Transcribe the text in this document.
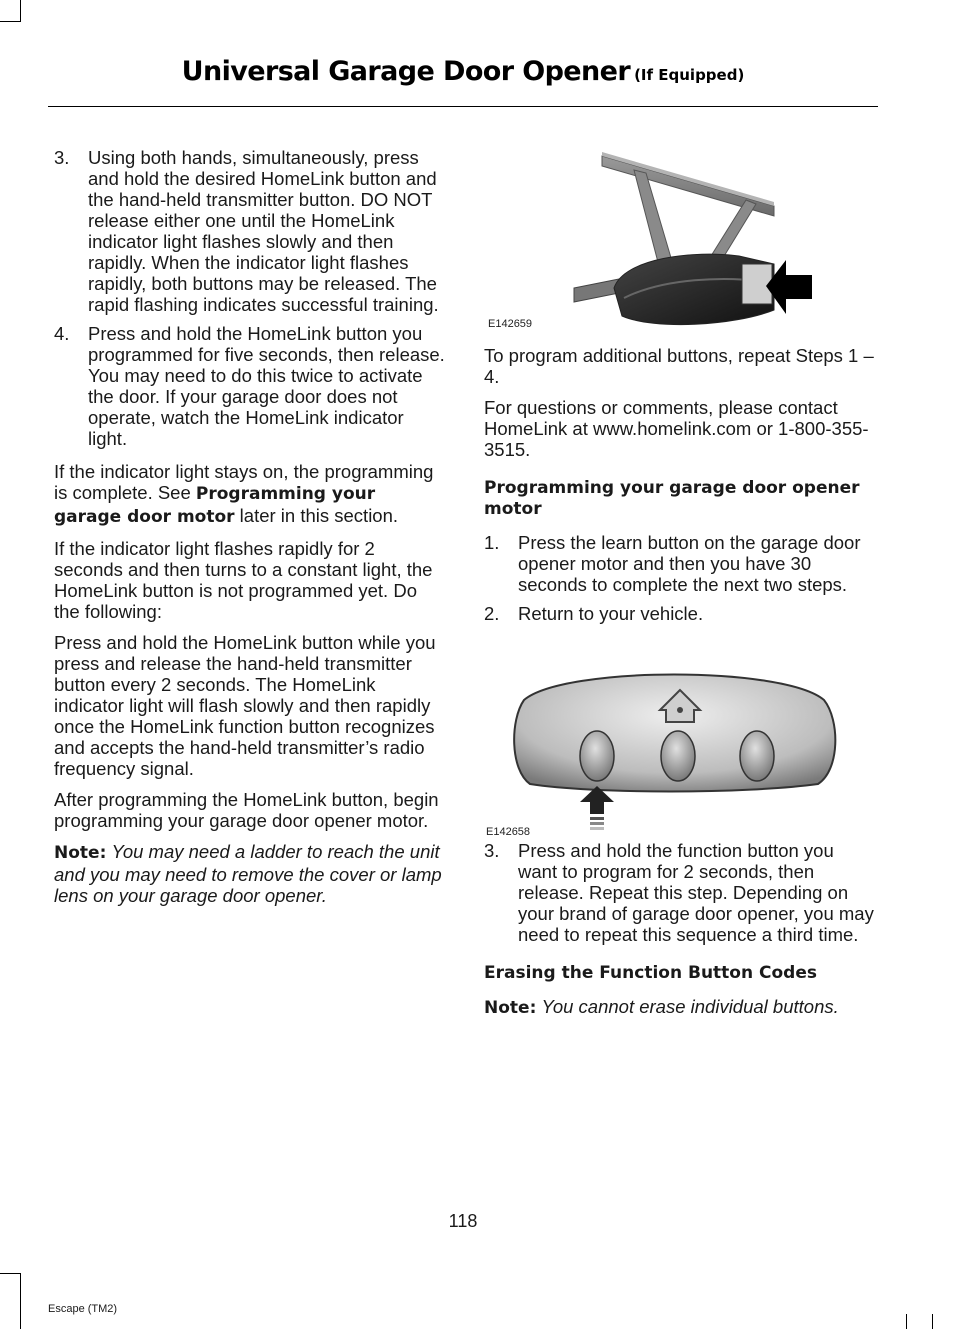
Universal Garage Door Opener (If Equipped)
3. Using both hands, simultaneously, press and hold the desired HomeLink button and the hand-held transmitter button. DO NOT release either one until the HomeLink indicator light flashes slowly and then rapidly. When the indicator light flashes rapidly, both buttons may be released. The rapid flashing indicates successful training.
4. Press and hold the HomeLink button you programmed for five seconds, then release. You may need to do this twice to activate the door. If your garage door does not operate, watch the HomeLink indicator light.

If the indicator light stays on, the programming is complete. See Programming your garage door motor later in this section.

If the indicator light flashes rapidly for 2 seconds and then turns to a constant light, the HomeLink button is not programmed yet. Do the following:

Press and hold the HomeLink button while you press and release the hand-held transmitter button every 2 seconds. The HomeLink indicator light will flash slowly and then rapidly once the HomeLink function button recognizes and accepts the hand-held transmitter’s radio frequency signal.

After programming the HomeLink button, begin programming your garage door opener motor.

Note: You may need a ladder to reach the unit and you may need to remove the cover or lamp lens on your garage door opener.

E142659

To program additional buttons, repeat Steps 1 – 4.

For questions or comments, please contact HomeLink at www.homelink.com or 1-800-355-3515.

Programming your garage door opener motor
1. Press the learn button on the garage door opener motor and then you have 30 seconds to complete the next two steps.
2. Return to your vehicle.
3. Press and hold the function button you want to program for 2 seconds, then release. Repeat this step. Depending on your brand of garage door opener, you may need to repeat this sequence a third time.
Erasing the Function Button Codes

Note: You cannot erase individual buttons.

E142658
118
Escape (TM2)
